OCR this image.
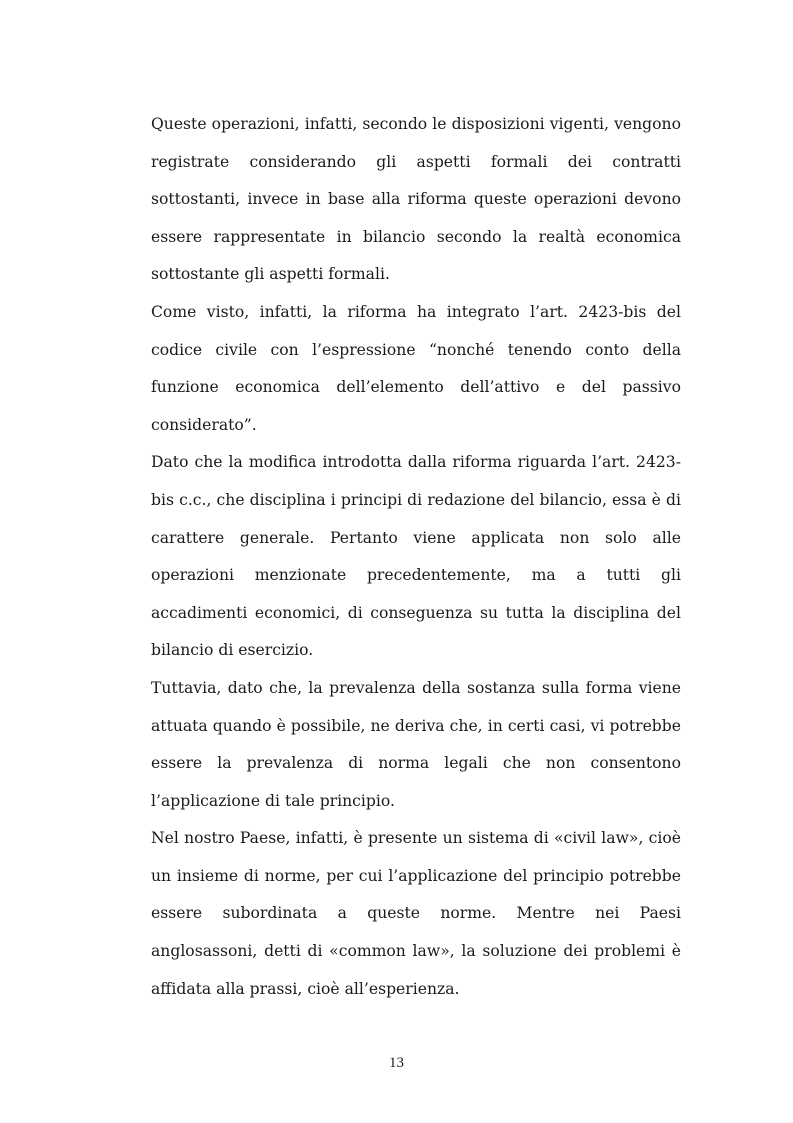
Queste operazioni, infatti, secondo le disposizioni vigenti, vengono registrate considerando gli aspetti formali dei contratti sottostanti, invece in base alla riforma queste operazioni devono essere rappresentate in bilancio secondo la realtà economica sottostante gli aspetti formali.

Come visto, infatti, la riforma ha integrato l’art. 2423-bis del codice civile con l’espressione “nonché tenendo conto della funzione economica dell’elemento dell’attivo e del passivo considerato”.

Dato che la modifica introdotta dalla riforma riguarda l’art. 2423-bis c.c., che disciplina i principi di redazione del bilancio, essa è di carattere generale. Pertanto viene applicata non solo alle operazioni menzionate precedentemente, ma a tutti gli accadimenti economici, di conseguenza su tutta la disciplina del bilancio di esercizio.

Tuttavia, dato che, la prevalenza della sostanza sulla forma viene attuata quando è possibile, ne deriva che, in certi casi, vi potrebbe essere la prevalenza di norma legali che non consentono l’applicazione di tale principio.

Nel nostro Paese, infatti, è presente un sistema di «civil law», cioè un insieme di norme, per cui l’applicazione del principio potrebbe essere subordinata a queste norme. Mentre nei Paesi anglosassoni, detti di «common law», la soluzione dei problemi è affidata alla prassi, cioè all’esperienza.

13
